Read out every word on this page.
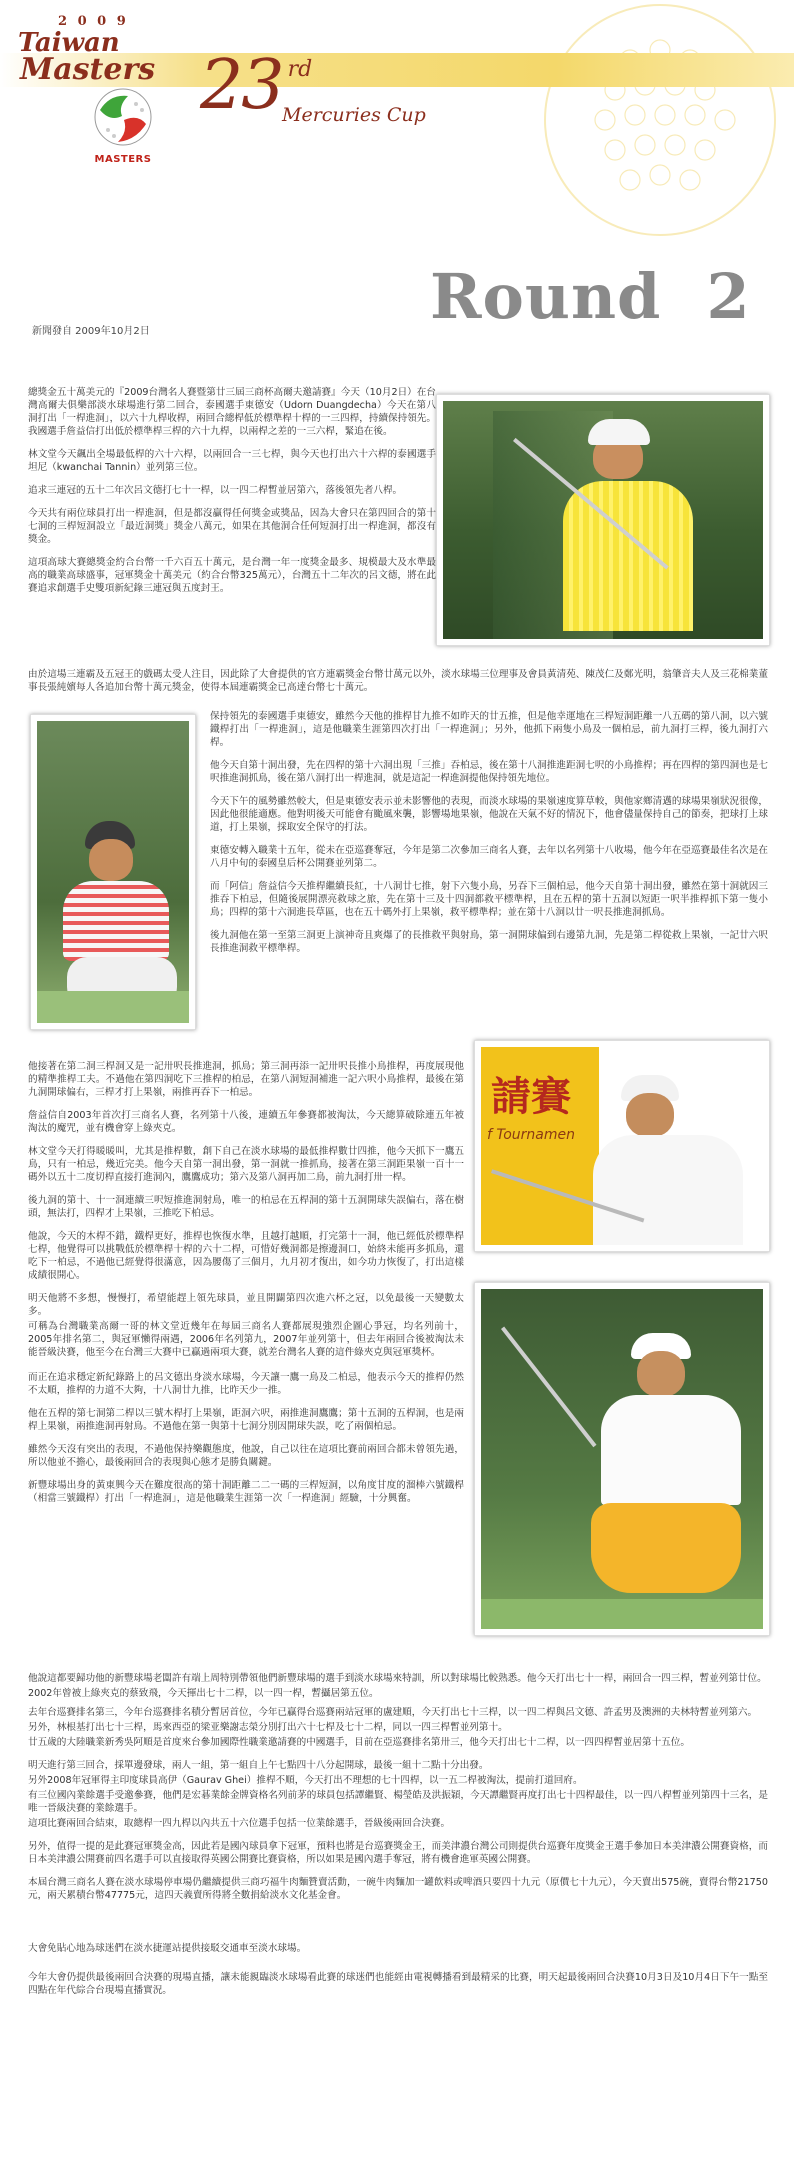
2 0 0 9
Taiwan
Masters
MASTERS
23 rd
Mercuries Cup
Round  2
新聞發自 2009年10月2日

總獎金五十萬美元的『2009台灣名人賽暨第廿三屆三商杯高爾夫邀請賽』今天（10月2日）在台灣高爾夫俱樂部淡水球場進行第二回合，泰國選手東德安（Udorn Duangdecha）今天在第八洞打出「一桿進洞」，以六十九桿收桿，兩回合總桿低於標準桿十桿的一三四桿，持續保持領先。我國選手詹益信打出低於標準桿三桿的六十九桿，以兩桿之差的一三六桿，緊追在後。

林文堂今天飆出全場最低桿的六十六桿，以兩回合一三七桿，與今天也打出六十六桿的泰國選手坦尼（kwanchai Tannin）並列第三位。

追求三連冠的五十二年次呂文德打七十一桿，以一四二桿暫並居第六，落後領先者八桿。

今天共有兩位球員打出一桿進洞，但是都沒贏得任何獎金或獎品，因為大會只在第四回合的第十七洞的三桿短洞設立「最近洞獎」獎金八萬元，如果在其他洞合任何短洞打出一桿進洞，都沒有獎金。

這項高球大賽總獎金約合台幣一千六百五十萬元，是台灣一年一度獎金最多、規模最大及水準最高的職業高球盛事，冠軍獎金十萬美元（約合台幣325萬元），台灣五十二年次的呂文德，將在此賽追求創選手史雙項新紀錄三連冠與五度封王。

由於這場三連霸及五冠王的戲碼太受人注目，因此除了大會提供的官方連霸獎金台幣廿萬元以外，淡水球場三位理事及會員黃清苑、陳茂仁及鄭光明，翁肇音夫人及三花棉業董事長張純嬪每人各追加台幣十萬元獎金，使得本屆連霸獎金已高達台幣七十萬元。

保持領先的泰國選手東德安，雖然今天他的推桿甘九推不如昨天的廿五推，但是他幸運地在三桿短洞距離一八五碼的第八洞，以六號鐵桿打出「一桿進洞」，這是他職業生涯第四次打出「一桿進洞」；另外，他抓下兩隻小鳥及一個柏忌，前九洞打三桿，後九洞打六桿。

他今天自第十洞出發，先在四桿的第十六洞出現「三推」吞柏忌，後在第十八洞推進距洞七呎的小鳥推桿；再在四桿的第四洞也是七呎推進洞抓鳥，後在第八洞打出一桿進洞，就是這記一桿進洞提他保持領先地位。

今天下午的風勢雖然較大，但是東德安表示並未影響他的表現，而淡水球場的果嶺速度算草較，與他家鄉清邁的球場果嶺狀況很像，因此他很能適應。他對明後天可能會有颱風來襲，影響場地果嶺，他說在天氣不好的情況下，他會儘量保持自己的節奏，把球打上球道，打上果嶺，採取安全保守的打法。

東德安轉入職業十五年，從未在亞巡賽奪冠，今年是第二次參加三商名人賽，去年以名列第十八收場，他今年在亞巡賽最佳名次是在八月中旬的泰國皇后杯公開賽並列第二。

而「阿信」詹益信今天推桿繼續長紅，十八洞廿七推，射下六隻小鳥，另吞下三個柏忌，他今天自第十洞出發，雖然在第十洞就因三推吞下柏忌，但隨後展開漂亮救球之旅，先在第十三及十四洞都救平標準桿，且在五桿的第十五洞以短距一呎半推桿抓下第一隻小鳥；四桿的第十六洞進長草區，也在五十碼外打上果嶺，救平標準桿；並在第十八洞以廿一呎長推進洞抓鳥。

後九洞他在第一至第三洞更上演神奇且爽爆了的長推救平與射鳥，第一洞開球偏到右邊第九洞，先是第二桿從救上果嶺，一記廿六呎長推進洞救平標準桿。

他接著在第二洞三桿洞又是一記卅呎長推進洞，抓鳥；第三洞再添一記卅呎長推小鳥推桿，再度展現他的精準推桿工夫。不過他在第四洞吃下三推桿的柏忌，在第八洞短洞補進一記六呎小鳥推桿，最後在第九洞開球偏右，三桿才打上果嶺，兩推再吞下一柏忌。

詹益信自2003年首次打三商名人賽，名列第十八後，連續五年參賽都被淘汰，今天總算破除連五年被淘汰的魔咒，並有機會穿上綠夾克。

林文堂今天打得暖暖叫，尤其是推桿數，創下自己在淡水球場的最低推桿數廿四推，他今天抓下一鷹五鳥，只有一柏忌，幾近完美。他今天自第一洞出發，第一洞就一推抓鳥，接著在第三洞距果嶺一百十一碼外以五十二度切桿直接打進洞內，鷹鷹成功；第六及第八洞再加二鳥，前九洞打卅一桿。

後九洞的第十、十一洞連續三呎短推進洞射鳥，唯一的柏忌在五桿洞的第十五洞開球失誤偏右，落在樹頭，無法打，四桿才上果嶺，三推吃下柏忌。

他說，今天的木桿不錯，鐵桿更好，推桿也恢復水準，且越打越順，打完第十一洞，他已經低於標準桿七桿，他覺得可以挑戰低於標準桿十桿的六十二桿，可惜好幾洞都是擦邊洞口，始終未能再多抓鳥，還吃下一柏忌，不過他已經覺得很滿意，因為腰傷了三個月，九月初才復出，如今功力恢復了，打出這樣成績很開心。

明天他將不多想，慢慢打，希望能趕上領先球員，並且開闢第四次進六杯之冠，以免最後一天變數太多。

可稱為台灣職業高爾一哥的林文堂近幾年在每屆三商名人賽都展現強烈企圖心爭冠，均名列前十，2005年排名第二，與冠軍懶得兩遇，2006年名列第九，2007年並列第十，但去年兩回合後被淘汰未能晉級決賽，他至今在台灣三大賽中已贏過兩項大賽，就差台灣名人賽的這件綠夾克與冠軍獎杯。

而正在追求穩定新紀錄路上的呂文德出身淡水球場，今天讓一鷹一鳥及二柏忌，他表示今天的推桿仍然不太順，推桿的力道不大夠，十八洞廿九推，比昨天少一推。

他在五桿的第七洞第二桿以三號木桿打上果嶺，距洞六呎，兩推進洞鷹鷹；第十五洞的五桿洞，也是兩桿上果嶺，兩推進洞再射鳥。不過他在第一與第十七洞分別因開球失誤，吃了兩個柏忌。

雖然今天沒有突出的表現，不過他保持樂觀態度，他說，自己以往在這項比賽前兩回合都未曾領先過，所以他並不擔心，最後兩回合的表現與心態才是勝負關鍵。

新豐球場出身的黃東興今天在難度很高的第十洞距離二二一碼的三桿短洞，以角度甘度的溜棒六號鐵桿（相當三號鐵桿）打出「一桿進洞」，這是他職業生涯第一次「一桿進洞」經驗，十分興奮。

請賽
f Tournamen

他說這都要歸功他的新豐球場老闆許有端上周特別帶領他們新豐球場的選手到淡水球場來特訓，所以對球場比較熟悉。他今天打出七十一桿，兩回合一四三桿，暫並列第廿位。

2002年曾被上綠夾克的蔡致飛，今天揮出七十二桿，以一四一桿，暫攝居第五位。

去年台巡賽排名第三，今年台巡賽排名積分暫居首位，今年已贏得台巡賽兩站冠軍的盧建順，今天打出七十三桿，以一四二桿與呂文德、許孟男及澳洲的夫林特暫並列第六。

另外，林根基打出七十三桿，馬來西亞的梁亚樂謝志榮分別打出六十七桿及七十二桿，同以一四三桿暫並列第十。

廿五歲的大陸職業新秀吳阿順是首度來台參加國際性職業邀請賽的中國選手，目前在亞巡賽排名第卅三，他今天打出七十二桿，以一四四桿暫並居第十五位。

明天進行第三回合，採單邊發球，兩人一組，第一組自上午七點四十八分起開球，最後一組十二點十分出發。

另外2008年冠軍得主印度球員高伊（Gaurav Ghei）推桿不順，今天打出不理想的七十四桿，以一五二桿被淘汰，提前打道回府。

有三位國內業餘選手受邀參賽，他們是宏碁業餘金牌資格名列前茅的球員包括譚繼賢、楊瑩皓及洪振穎，今天譚繼賢再度打出七十四桿最佳，以一四八桿暫並列第四十三名，是唯一晉級決賽的業餘選手。

這項比賽兩回合結束，取總桿一四九桿以內共五十六位選手包括一位業餘選手，晉級後兩回合決賽。

另外，值得一提的是此賽冠軍獎金高，因此若是國內球員拿下冠軍，預料也將是台巡賽獎金王，而美津濃台灣公司則提供台巡賽年度獎金王選手參加日本美津濃公開賽資格，而日本美津濃公開賽前四名選手可以直接取得英國公開賽比賽資格，所以如果是國內選手奪冠，將有機會進軍英國公開賽。

本屆台灣三商名人賽在淡水球場停車場仍繼續提供三商巧福牛肉麵贊賣活動，一碗牛肉麵加一罐飲料或啤酒只要四十九元（原價七十九元），今天賣出575碗，賣得台幣21750元，兩天累積台幣47775元，這四天義賣所得將全數捐給淡水文化基金會。

大會免貼心地為球迷們在淡水捷運站提供接駁交通車至淡水球場。

今年大會仍提供最後兩回合決賽的現場直播，讓未能親臨淡水球場看此賽的球迷們也能經由電視轉播看到最精采的比賽，明天起最後兩回合決賽10月3日及10月4日下午一點至四點在年代綜合台現場直播實況。
